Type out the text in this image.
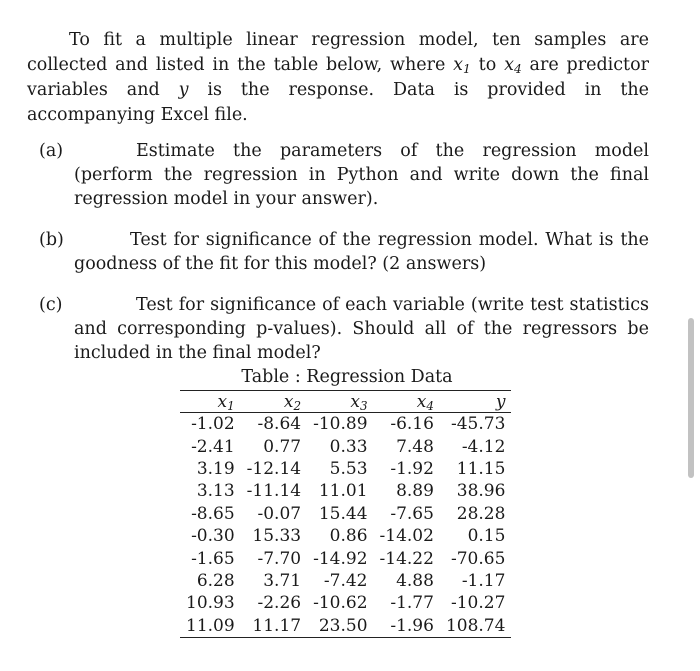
To fit a multiple linear regression model, ten samples are collected and listed in the table below, where $x_1$ to $x_4$ are predictor variables and y is the response. Data is provided in the accompanying Excel file.

(a)	Estimate the parameters of the regression model (perform the regression in Python and write down the final regression model in your answer).
(b)	Test for significance of the regression model. What is the goodness of the fit for this model? (2 answers)
(c)	Test for significance of each variable (write test statistics and corresponding p-values). Should all of the regressors be included in the final model?
Table : Regression Data
$x_1$	$x_2$	$x_3$	$x_4$	y
-1.02	-8.64	-10.89	-6.16	-45.73
-2.41	0.77	0.33	7.48	-4.12
3.19	-12.14	5.53	-1.92	11.15
3.13	-11.14	11.01	8.89	38.96
-8.65	-0.07	15.44	-7.65	28.28
-0.30	15.33	0.86	-14.02	0.15
-1.65	-7.70	-14.92	-14.22	-70.65
6.28	3.71	-7.42	4.88	-1.17
10.93	-2.26	-10.62	-1.77	-10.27
11.09	11.17	23.50	-1.96	108.74
